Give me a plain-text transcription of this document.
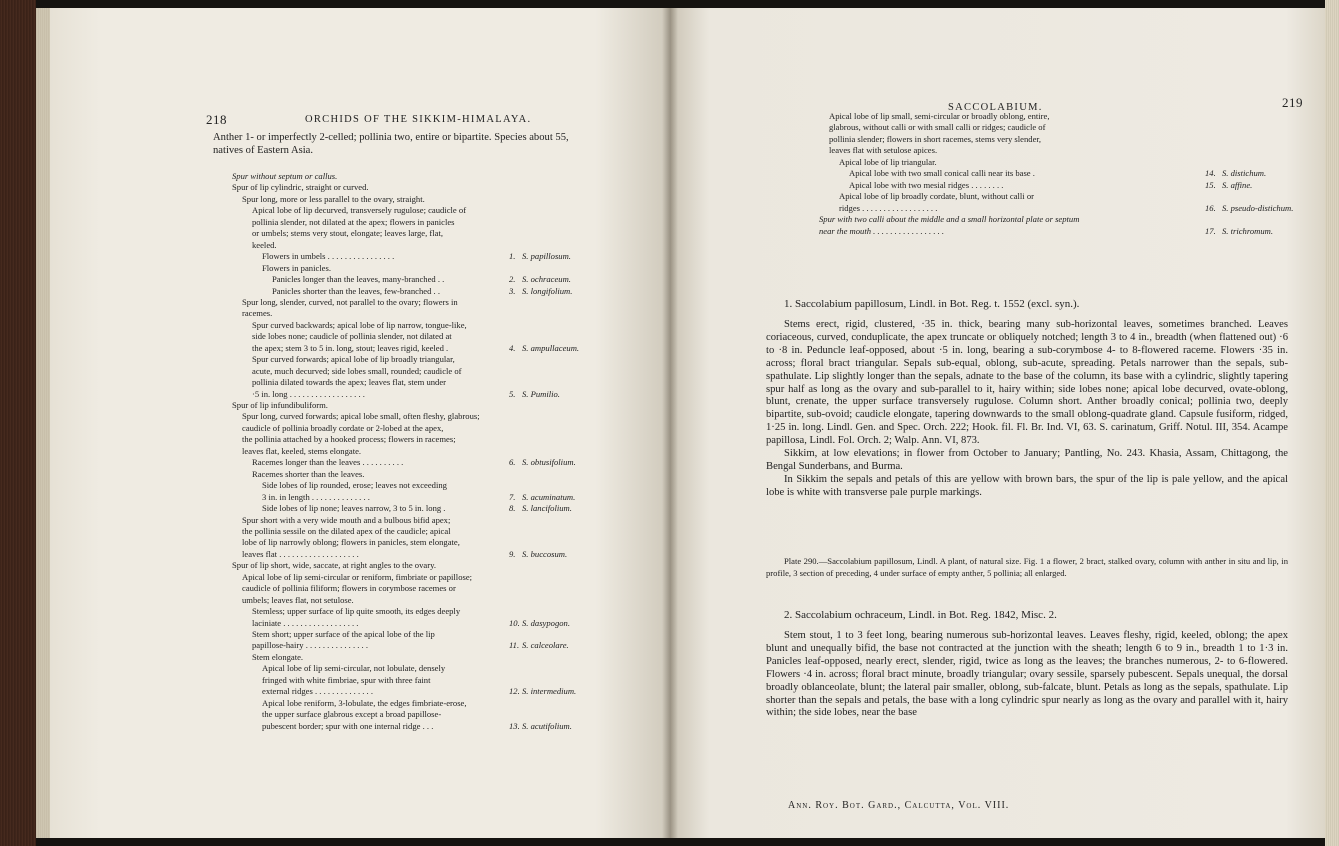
218	ORCHIDS OF THE SIKKIM-HIMALAYA.
Anther 1- or imperfectly 2-celled; pollinia two, entire or bipartite. Species about 55,
natives of Eastern Asia.
Spur without septum or callus.
Spur of lip cylindric, straight or curved.
Spur long, more or less parallel to the ovary, straight.
Apical lobe of lip decurved, transversely rugulose; caudicle of
pollinia slender, not dilated at the apex; flowers in panicles
or umbels; stems very stout, elongate; leaves large, flat,
keeled.
Flowers in umbels . . . . . . . . . . . . . . . .	1. S. papillosum.
Flowers in panicles.
Panicles longer than the leaves, many-branched . .	2. S. ochraceum.
Panicles shorter than the leaves, few-branched . .	3. S. longifolium.
Spur long, slender, curved, not parallel to the ovary; flowers in
racemes.
Spur curved backwards; apical lobe of lip narrow, tongue-like,
side lobes none; caudicle of pollinia slender, not dilated at
the apex; stem 3 to 5 in. long, stout; leaves rigid, keeled .	4. S. ampullaceum.
Spur curved forwards; apical lobe of lip broadly triangular,
acute, much decurved; side lobes small, rounded; caudicle of
pollinia dilated towards the apex; leaves flat, stem under
·5 in. long . . . . . . . . . . . . . . . . . .	5. S. Pumilio.
Spur of lip infundibuliform.
Spur long, curved forwards; apical lobe small, often fleshy, glabrous;
caudicle of pollinia broadly cordate or 2-lobed at the apex,
the pollinia attached by a hooked process; flowers in racemes;
leaves flat, keeled, stems elongate.
Racemes longer than the leaves . . . . . . . . . .	6. S. obtusifolium.
Racemes shorter than the leaves.
Side lobes of lip rounded, erose; leaves not exceeding
3 in. in length . . . . . . . . . . . . . .	7. S. acuminatum.
Side lobes of lip none; leaves narrow, 3 to 5 in. long .	8. S. lancifolium.
Spur short with a very wide mouth and a bulbous bifid apex;
the pollinia sessile on the dilated apex of the caudicle; apical
lobe of lip narrowly oblong; flowers in panicles, stem elongate,
leaves flat . . . . . . . . . . . . . . . . . . .	9. S. buccosum.
Spur of lip short, wide, saccate, at right angles to the ovary.
Apical lobe of lip semi-circular or reniform, fimbriate or papillose;
caudicle of pollinia filiform; flowers in corymbose racemes or
umbels; leaves flat, not setulose.
Stemless; upper surface of lip quite smooth, its edges deeply
laciniate . . . . . . . . . . . . . . . . . .	10. S. dasypogon.
Stem short; upper surface of the apical lobe of the lip
papillose-hairy . . . . . . . . . . . . . . .	11. S. calceolare.
Stem elongate.
Apical lobe of lip semi-circular, not lobulate, densely
fringed with white fimbriae, spur with three faint
external ridges . . . . . . . . . . . . . .	12. S. intermedium.
Apical lobe reniform, 3-lobulate, the edges fimbriate-erose,
the upper surface glabrous except a broad papillose-
pubescent border; spur with one internal ridge . . .	13. S. acutifolium.
SACCOLABIUM.	219
Apical lobe of lip small, semi-circular or broadly oblong, entire,
glabrous, without calli or with small calli or ridges; caudicle of
pollinia slender; flowers in short racemes, stems very slender,
leaves flat with setulose apices.
Apical lobe of lip triangular.
Apical lobe with two small conical calli near its base .	14. S. distichum.
Apical lobe with two mesial ridges . . . . . . . .	15. S. affine.
Apical lobe of lip broadly cordate, blunt, without calli or
ridges . . . . . . . . . . . . . . . . . .	16. S. pseudo-distichum.
Spur with two calli about the middle and a small horizontal plate or septum
near the mouth . . . . . . . . . . . . . . . . .	17. S. trichromum.
1. Saccolabium papillosum, Lindl. in Bot. Reg. t. 1552 (excl. syn.).

Stems erect, rigid, clustered, ·35 in. thick, bearing many sub-horizontal leaves, sometimes branched. Leaves coriaceous, curved, conduplicate, the apex truncate or obliquely notched; length 3 to 4 in., breadth (when flattened out) ·6 to ·8 in. Peduncle leaf-opposed, about ·5 in. long, bearing a sub-corymbose 4- to 8-flowered raceme. Flowers ·35 in. across; floral bract triangular. Sepals sub-equal, oblong, sub-acute, spreading. Petals narrower than the sepals, sub-spathulate. Lip slightly longer than the sepals, adnate to the base of the column, its base with a cylindric, slightly tapering spur half as long as the ovary and sub-parallel to it, hairy within; side lobes none; apical lobe decurved, ovate-oblong, blunt, crenate, the upper surface transversely rugulose. Column short. Anther broadly conical; pollinia two, deeply bipartite, sub-ovoid; caudicle elongate, tapering downwards to the small oblong-quadrate gland. Capsule fusiform, ridged, 1·25 in. long. Lindl. Gen. and Spec. Orch. 222; Hook. fil. Fl. Br. Ind. VI, 63. S. carinatum, Griff. Notul. III, 354. Acampe papillosa, Lindl. Fol. Orch. 2; Walp. Ann. VI, 873.

Sikkim, at low elevations; in flower from October to January; Pantling, No. 243. Khasia, Assam, Chittagong, the Bengal Sunderbans, and Burma.

In Sikkim the sepals and petals of this are yellow with brown bars, the spur of the lip is pale yellow, and the apical lobe is white with transverse pale purple markings.

Plate 290.—Saccolabium papillosum, Lindl. A plant, of natural size. Fig. 1 a flower, 2 bract, stalked ovary, column with anther in situ and lip, in profile, 3 section of preceding, 4 under surface of empty anther, 5 pollinia; all enlarged.
2. Saccolabium ochraceum, Lindl. in Bot. Reg. 1842, Misc. 2.

Stem stout, 1 to 3 feet long, bearing numerous sub-horizontal leaves. Leaves fleshy, rigid, keeled, oblong; the apex blunt and unequally bifid, the base not contracted at the junction with the sheath; length 6 to 9 in., breadth 1 to 1·3 in. Panicles leaf-opposed, nearly erect, slender, rigid, twice as long as the leaves; the branches numerous, 2- to 6-flowered. Flowers ·4 in. across; floral bract minute, broadly triangular; ovary sessile, sparsely pubescent. Sepals unequal, the dorsal broadly oblanceolate, blunt; the lateral pair smaller, oblong, sub-falcate, blunt. Petals as long as the sepals, spathulate. Lip shorter than the sepals and petals, the base with a long cylindric spur nearly as long as the ovary and parallel with it, hairy within; the side lobes, near the base

Ann. Roy. Bot. Gard., Calcutta, Vol. VIII.
